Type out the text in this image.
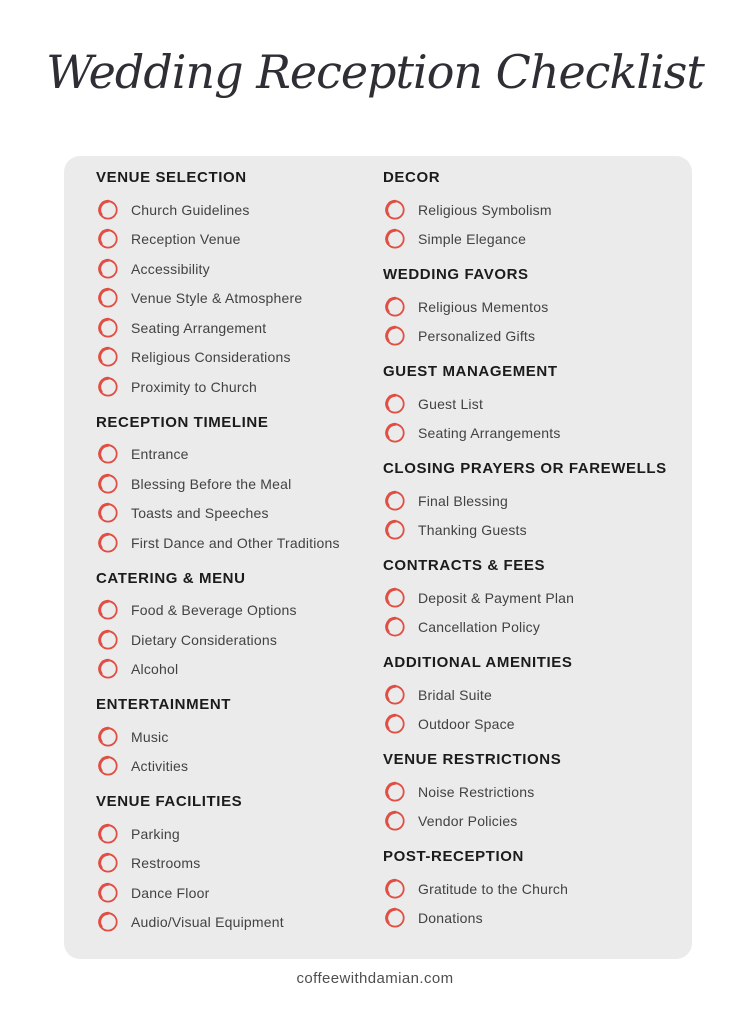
Wedding Reception Checklist
VENUE SELECTION
Church Guidelines
Reception Venue
Accessibility
Venue Style & Atmosphere
Seating Arrangement
Religious Considerations
Proximity to Church
RECEPTION TIMELINE
Entrance
Blessing Before the Meal
Toasts and Speeches
First Dance and Other Traditions
CATERING & MENU
Food & Beverage Options
Dietary Considerations
Alcohol
ENTERTAINMENT
Music
Activities
VENUE FACILITIES
Parking
Restrooms
Dance Floor
Audio/Visual Equipment
DECOR
Religious Symbolism
Simple Elegance
WEDDING FAVORS
Religious Mementos
Personalized Gifts
GUEST MANAGEMENT
Guest List
Seating Arrangements
CLOSING PRAYERS OR FAREWELLS
Final Blessing
Thanking Guests
CONTRACTS & FEES
Deposit & Payment Plan
Cancellation Policy
ADDITIONAL AMENITIES
Bridal Suite
Outdoor Space
VENUE RESTRICTIONS
Noise Restrictions
Vendor Policies
POST-RECEPTION
Gratitude to the Church
Donations
coffeewithdamian.com
